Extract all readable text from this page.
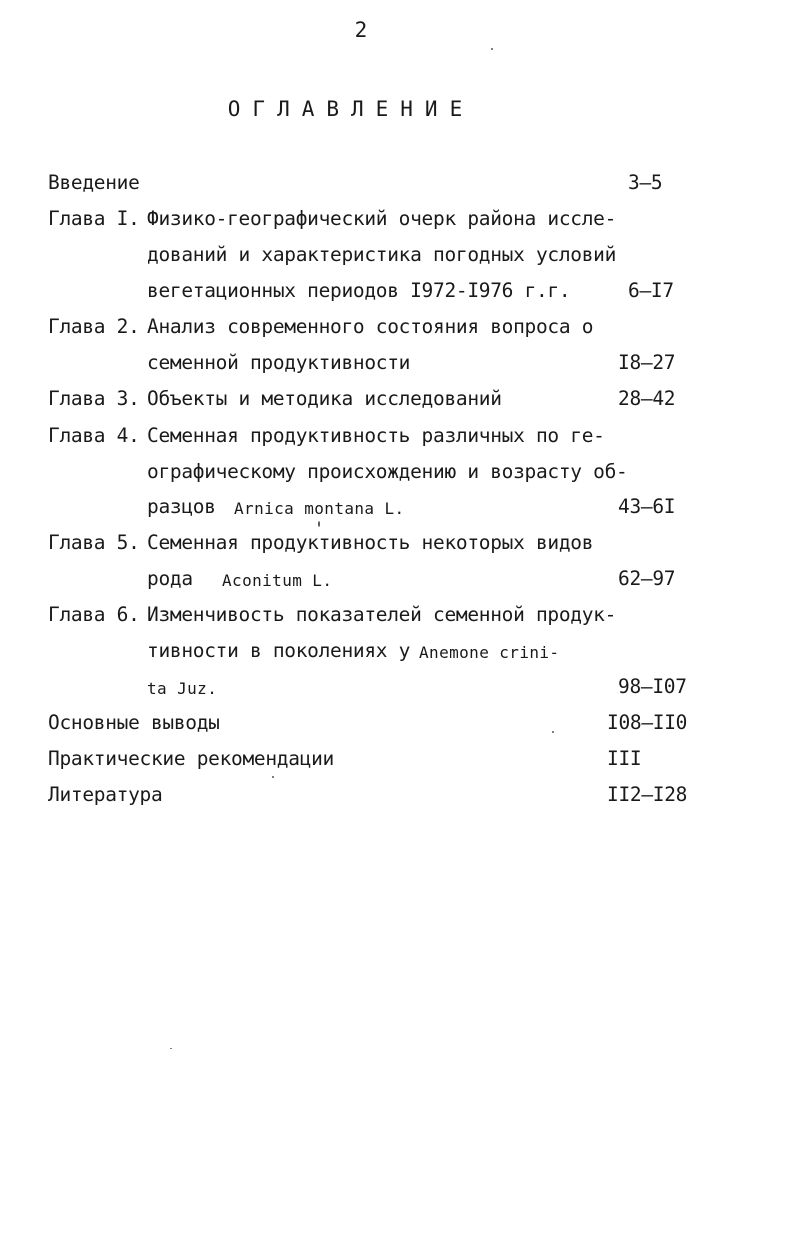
2
ОГЛАВЛЕНИЕ
Введение	3–5
Глава I. Физико-географический очерк района иссле-
дований и характеристика погодных условий
вегетационных периодов I972-I976 г.г.	6–I7
Глава 2. Анализ современного состояния вопроса о
семенной продуктивности	I8–27
Глава 3. Объекты и методика исследований	28–42
Глава 4. Семенная продуктивность различных по ге-
ографическому происхождению и возрасту об-
разцов Arnica montana L.	43–6I
Глава 5. Семенная продуктивность некоторых видов
рода Aconitum L.	62–97
Глава 6. Изменчивость показателей семенной продук-
тивности в поколениях у Anemone crini-
ta Juz.	98–I07
Основные выводы	I08–II0
Практические рекомендации	III
Литература	II2–I28
